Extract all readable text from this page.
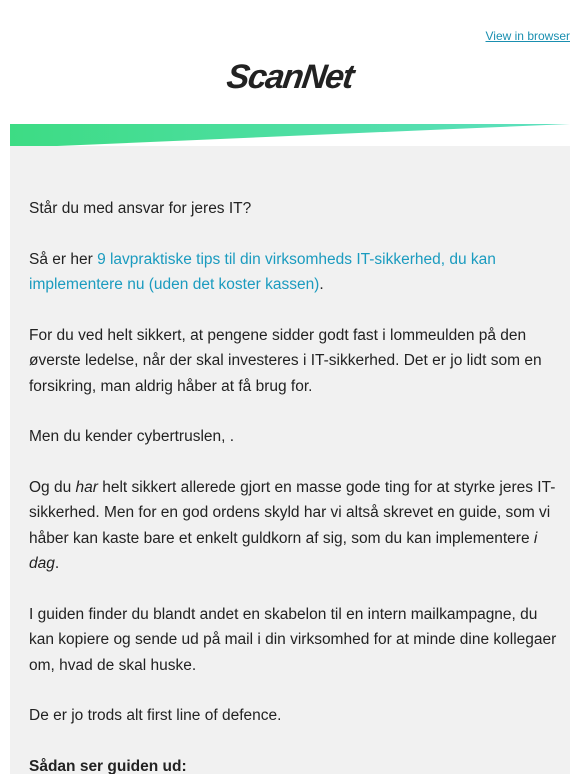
View in browser
ScanNet

Står du med ansvar for jeres IT?

Så er her 9 lavpraktiske tips til din virksomheds IT-sikkerhed, du kan implementere nu (uden det koster kassen).

For du ved helt sikkert, at pengene sidder godt fast i lommeulden på den øverste ledelse, når der skal investeres i IT-sikkerhed. Det er jo lidt som en forsikring, man aldrig håber at få brug for.

Men du kender cybertruslen, .

Og du har helt sikkert allerede gjort en masse gode ting for at styrke jeres IT-sikkerhed. Men for en god ordens skyld har vi altså skrevet en guide, som vi håber kan kaste bare et enkelt guldkorn af sig, som du kan implementere i dag.

I guiden finder du blandt andet en skabelon til en intern mailkampagne, du kan kopiere og sende ud på mail i din virksomhed for at minde dine kollegaer om, hvad de skal huske.

De er jo trods alt first line of defence.

Sådan ser guiden ud:
